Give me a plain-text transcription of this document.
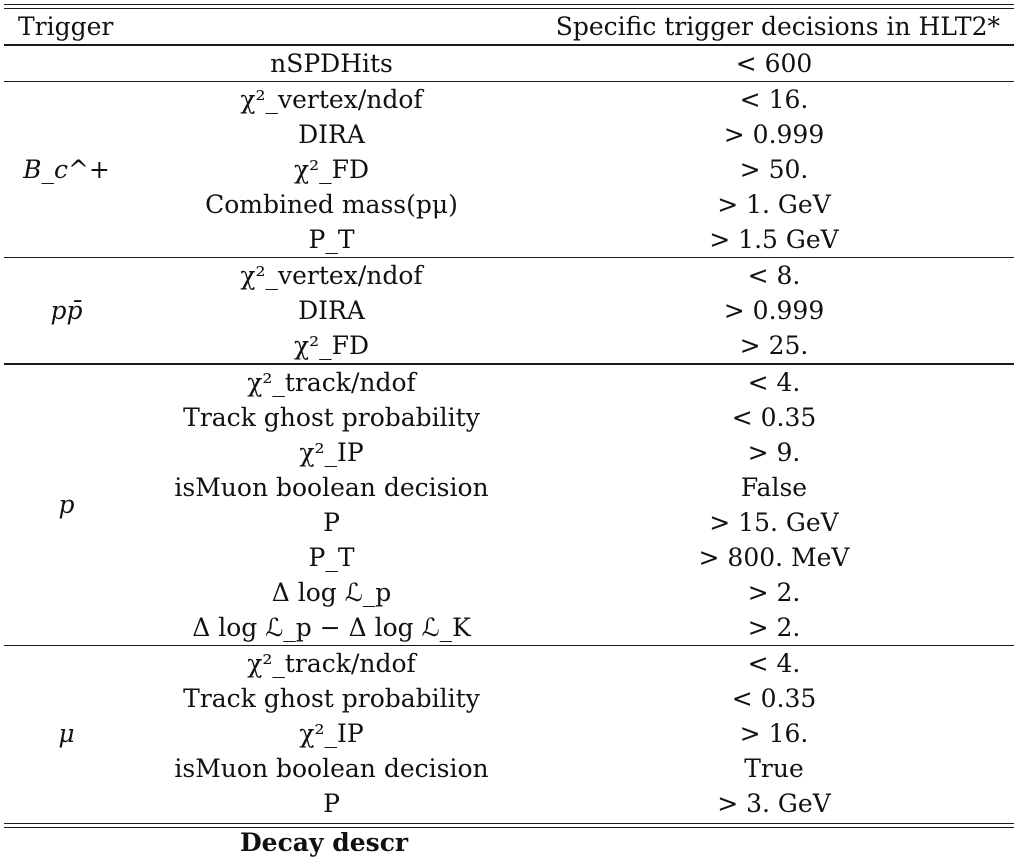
Trigger	Specific trigger decisions in HLT2*
nSPDHits	< 600
B_c^+
χ²_vertex/ndof	< 16.
DIRA	> 0.999
χ²_FD	> 50.
Combined mass(pμ)	> 1. GeV
P_T	> 1.5 GeV
pp̄
χ²_vertex/ndof	< 8.
DIRA	> 0.999
χ²_FD	> 25.
p
χ²_track/ndof	< 4.
Track ghost probability	< 0.35
χ²_IP	> 9.
isMuon boolean decision	False
P	> 15. GeV
P_T	> 800. MeV
Δ log ℒ_p	> 2.
Δ log ℒ_p − Δ log ℒ_K	> 2.
μ
χ²_track/ndof	< 4.
Track ghost probability	< 0.35
χ²_IP	> 16.
isMuon boolean decision	True
P	> 3. GeV
Decay descr
